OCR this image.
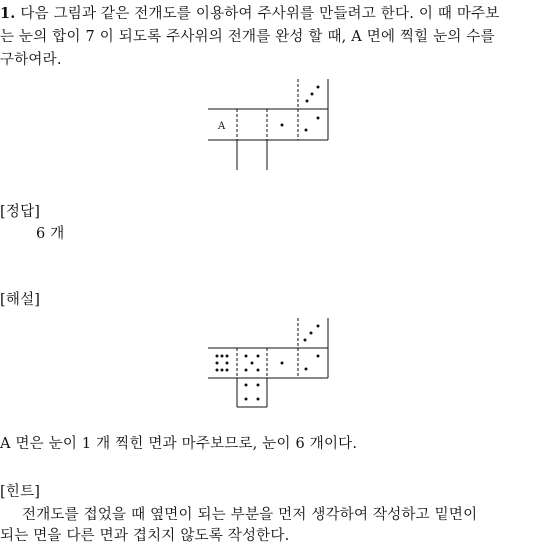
1. 다음 그림과 같은 전개도를 이용하여 주사위를 만들려고 한다. 이 때 마주보
는 눈의 합이 7 이 되도록 주사위의 전개를 완성 할 때, A 면에 찍힐 눈의 수를
구하여라.
A
[정답]
6 개
[해설]
A 면은 눈이 1 개 찍힌 면과 마주보므로, 눈이 6 개이다.
[힌트]
전개도를 접었을 때 옆면이 되는 부분을 먼저 생각하여 작성하고 밑면이
되는 면을 다른 면과 겹치지 않도록 작성한다.
